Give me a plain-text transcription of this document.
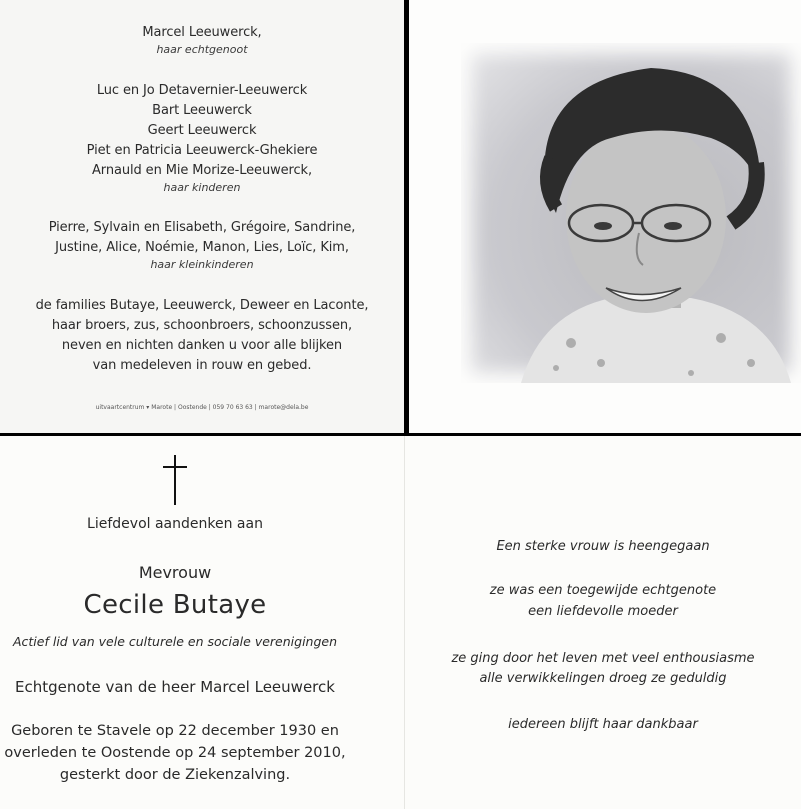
Marcel Leeuwerck,
haar echtgenoot
Luc en Jo Detavernier-Leeuwerck
Bart Leeuwerck
Geert Leeuwerck
Piet en Patricia Leeuwerck-Ghekiere
Arnauld en Mie Morize-Leeuwerck,
haar kinderen
Pierre, Sylvain en Elisabeth, Grégoire, Sandrine,
Justine, Alice, Noémie, Manon, Lies, Loïc, Kim,
haar kleinkinderen
de families Butaye, Leeuwerck, Deweer en Laconte,
haar broers, zus, schoonbroers, schoonzussen,
neven en nichten danken u voor alle blijken
van medeleven in rouw en gebed.
uitvaartcentrum ▾ Marote | Oostende | 059 70 63 63 | marote@dela.be
Liefdevol aandenken aan
Mevrouw
Cecile Butaye
Actief lid van vele culturele en sociale verenigingen
Echtgenote van de heer Marcel Leeuwerck
Geboren te Stavele op 22 december 1930 en
overleden te Oostende op 24 september 2010,
gesterkt door de Ziekenzalving.
Een sterke vrouw is heengegaan
ze was een toegewijde echtgenote
een liefdevolle moeder
ze ging door het leven met veel enthousiasme
alle verwikkelingen droeg ze geduldig
iedereen blijft haar dankbaar
